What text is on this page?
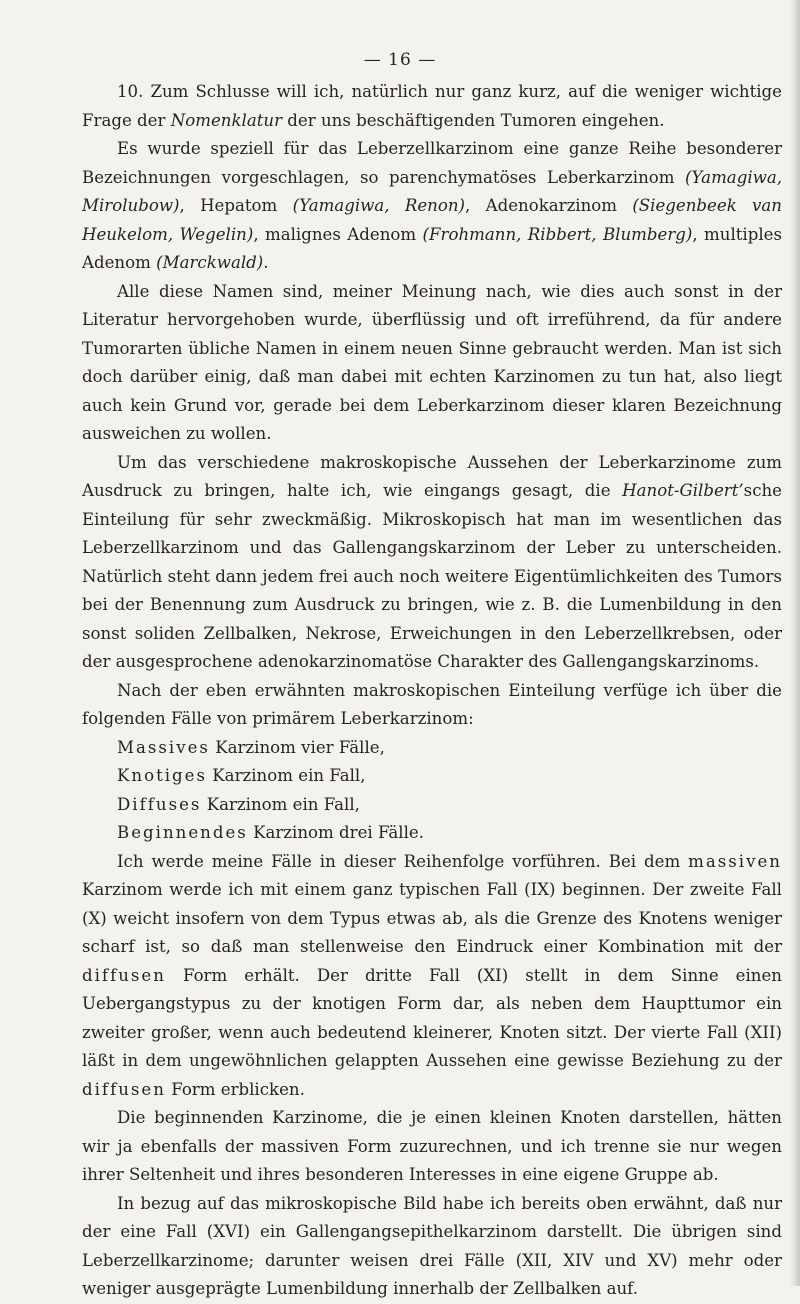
— 16 —

10. Zum Schlusse will ich, natürlich nur ganz kurz, auf die weniger wichtige Frage der Nomenklatur der uns beschäftigenden Tumoren eingehen.

Es wurde speziell für das Leberzellkarzinom eine ganze Reihe besonderer Bezeichnungen vorgeschlagen, so parenchymatöses Leberkarzinom (Yamagiwa, Mirolubow), Hepatom (Yamagiwa, Renon), Adenokarzinom (Siegenbeek van Heukelom, Wegelin), malignes Adenom (Frohmann, Ribbert, Blumberg), multiples Adenom (Marckwald).

Alle diese Namen sind, meiner Meinung nach, wie dies auch sonst in der Literatur hervorgehoben wurde, überflüssig und oft irreführend, da für andere Tumorarten übliche Namen in einem neuen Sinne gebraucht werden. Man ist sich doch darüber einig, daß man dabei mit echten Karzinomen zu tun hat, also liegt auch kein Grund vor, gerade bei dem Leberkarzinom dieser klaren Bezeichnung ausweichen zu wollen.

Um das verschiedene makroskopische Aussehen der Leberkarzinome zum Ausdruck zu bringen, halte ich, wie eingangs gesagt, die Hanot-Gilbert’sche Einteilung für sehr zweckmäßig. Mikroskopisch hat man im wesentlichen das Leberzellkarzinom und das Gallengangskarzinom der Leber zu unterscheiden. Natürlich steht dann jedem frei auch noch weitere Eigentümlichkeiten des Tumors bei der Benennung zum Ausdruck zu bringen, wie z. B. die Lumenbildung in den sonst soliden Zellbalken, Nekrose, Erweichungen in den Leberzellkrebsen, oder der ausgesprochene adenokarzinomatöse Charakter des Gallengangskarzinoms.

Nach der eben erwähnten makroskopischen Einteilung verfüge ich über die folgenden Fälle von primärem Leberkarzinom:

Massives Karzinom vier Fälle,

Knotiges Karzinom ein Fall,

Diffuses Karzinom ein Fall,

Beginnendes Karzinom drei Fälle.

Ich werde meine Fälle in dieser Reihenfolge vorführen. Bei dem massiven Karzinom werde ich mit einem ganz typischen Fall (IX) beginnen. Der zweite Fall (X) weicht insofern von dem Typus etwas ab, als die Grenze des Knotens weniger scharf ist, so daß man stellenweise den Eindruck einer Kombination mit der diffusen Form erhält. Der dritte Fall (XI) stellt in dem Sinne einen Uebergangstypus zu der knotigen Form dar, als neben dem Haupttumor ein zweiter großer, wenn auch bedeutend kleinerer, Knoten sitzt. Der vierte Fall (XII) läßt in dem ungewöhnlichen gelappten Aussehen eine gewisse Beziehung zu der diffusen Form erblicken.

Die beginnenden Karzinome, die je einen kleinen Knoten darstellen, hätten wir ja ebenfalls der massiven Form zuzurechnen, und ich trenne sie nur wegen ihrer Seltenheit und ihres besonderen Interesses in eine eigene Gruppe ab.

In bezug auf das mikroskopische Bild habe ich bereits oben erwähnt, daß nur der eine Fall (XVI) ein Gallengangsepithelkarzinom darstellt. Die übrigen sind Leberzellkarzinome; darunter weisen drei Fälle (XII, XIV und XV) mehr oder weniger ausgeprägte Lumenbildung innerhalb der Zellbalken auf.
